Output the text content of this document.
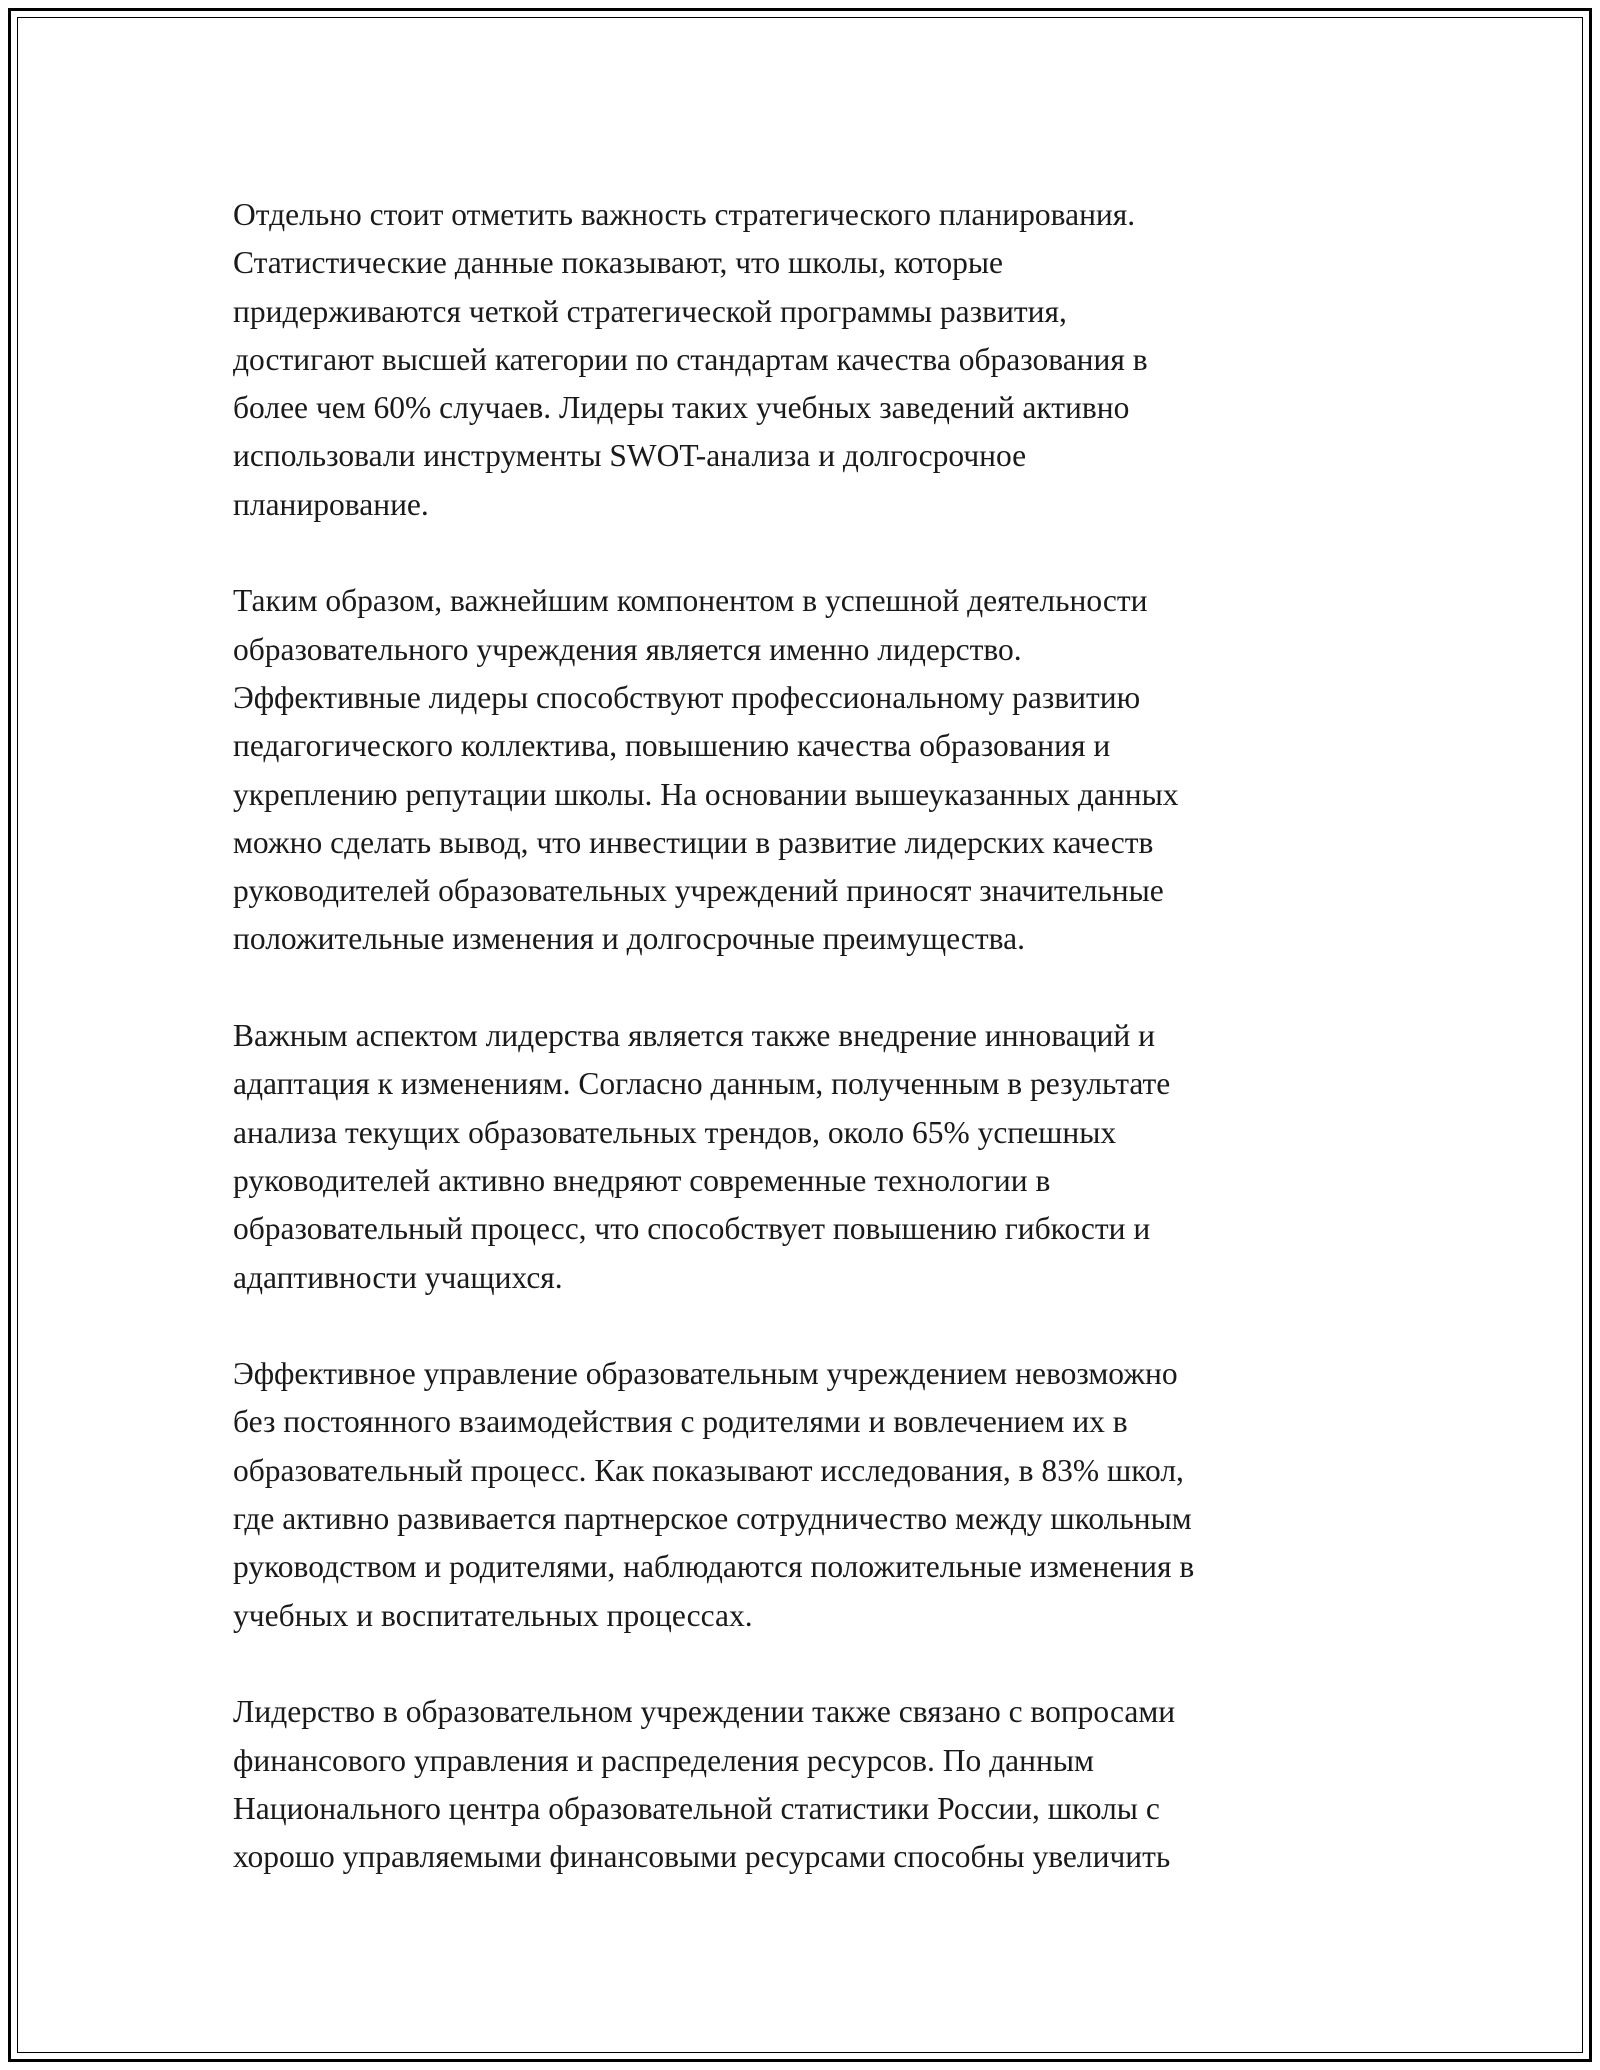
Отдельно стоит отметить важность стратегического планирования.
Статистические данные показывают, что школы, которые
придерживаются четкой стратегической программы развития,
достигают высшей категории по стандартам качества образования в
более чем 60% случаев. Лидеры таких учебных заведений активно
использовали инструменты SWOT-анализа и долгосрочное
планирование.

Таким образом, важнейшим компонентом в успешной деятельности
образовательного учреждения является именно лидерство.
Эффективные лидеры способствуют профессиональному развитию
педагогического коллектива, повышению качества образования и
укреплению репутации школы. На основании вышеуказанных данных
можно сделать вывод, что инвестиции в развитие лидерских качеств
руководителей образовательных учреждений приносят значительные
положительные изменения и долгосрочные преимущества.

Важным аспектом лидерства является также внедрение инноваций и
адаптация к изменениям. Согласно данным, полученным в результате
анализа текущих образовательных трендов, около 65% успешных
руководителей активно внедряют современные технологии в
образовательный процесс, что способствует повышению гибкости и
адаптивности учащихся.

Эффективное управление образовательным учреждением невозможно
без постоянного взаимодействия с родителями и вовлечением их в
образовательный процесс. Как показывают исследования, в 83% школ,
где активно развивается партнерское сотрудничество между школьным
руководством и родителями, наблюдаются положительные изменения в
учебных и воспитательных процессах.

Лидерство в образовательном учреждении также связано с вопросами
финансового управления и распределения ресурсов. По данным
Национального центра образовательной статистики России, школы с
хорошо управляемыми финансовыми ресурсами способны увеличить
